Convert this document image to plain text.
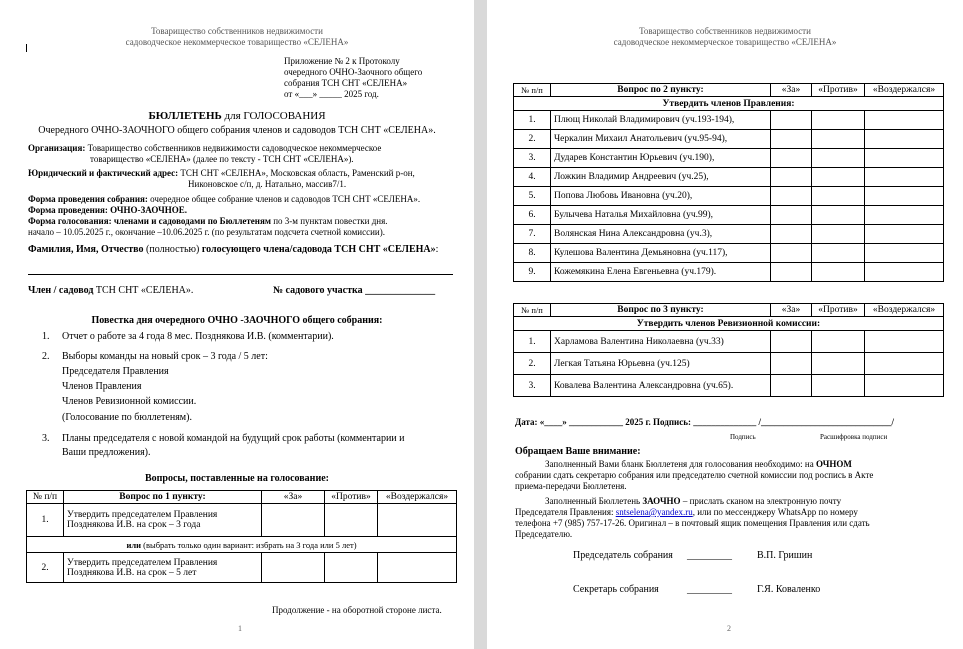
Товарищество собственников недвижимости
садоводческое некоммерческое товарищество «СЕЛЕНА»
Приложение № 2 к Протоколу
очередного ОЧНО-Заочного общего
собрания ТСН СНТ «СЕЛЕНА»
от «___» _____ 2025 год.
БЮЛЛЕТЕНЬ для ГОЛОСОВАНИЯ
Очередного ОЧНО-ЗАОЧНОГО общего собрания членов и садоводов ТСН СНТ «СЕЛЕНА».
Организация: Товарищество собственников недвижимости садоводческое некоммерческое
товарищество «СЕЛЕНА» (далее по тексту - ТСН СНТ «СЕЛЕНА»).
Юридический и фактический адрес: ТСН СНТ «СЕЛЕНА», Московская область, Раменский р-он,
Никоновское с/п, д. Натально, массив7/1.
Форма проведения собрания: очередное общее собрание членов и садоводов ТСН СНТ «СЕЛЕНА».
Форма проведения: ОЧНО-ЗАОЧНОЕ.
Форма голосования: членами и садоводами по Бюллетеням по 3-м пунктам повестки дня.
начало – 10.05.2025 г., окончание –10.06.2025 г. (по результатам подсчета счетной комиссии).
Фамилия, Имя, Отчество (полностью) голосующего члена/садовода ТСН СНТ «СЕЛЕНА»:
Член / садовод ТСН СНТ «СЕЛЕНА».	№ садового участка ______________
Повестка дня очередного ОЧНО -ЗАОЧНОГО общего собрания:
1. Отчет о работе за 4 года 8 мес. Позднякова И.В. (комментарии).
2. Выборы команды на новый срок – 3 года / 5 лет:
Председателя Правления
Членов Правления
Членов Ревизионной комиссии.
(Голосование по бюллетеням).
3. Планы председателя с новой командой на будущий срок работы (комментарии и
Ваши предложения).
Вопросы, поставленные на голосование:
№ п/п	Вопрос по 1 пункту:	«За»	«Против»	«Воздержался»
1.	Утвердить председателем Правления
Позднякова И.В. на срок – 3 года			

или (выбрать только один вариант: избрать на 3 года или 5 лет)				
2.	Утвердить председателем Правления
Позднякова И.В. на срок – 5 лет			

Продолжение - на оборотной стороне листа.
1
Товарищество собственников недвижимости
садоводческое некоммерческое товарищество «СЕЛЕНА»
№ п/п	Вопрос по 2 пункту:	«За»	«Против»	«Воздержался»
Утвердить членов Правления:				
1.	Плющ Николай Владимирович (уч.193-194),			
2.	Черкалин Михаил Анатольевич (уч.95-94),			
3.	Дударев Константин Юрьевич (уч.190),			
4.	Ложкин Владимир Андреевич (уч.25),			
5.	Попова Любовь Ивановна (уч.20),			
6.	Булычева Наталья Михайловна (уч.99),			
7.	Волянская Нина Александровна (уч.3),			
8.	Кулешова Валентина Демьяновна (уч.117),			
9.	Кожемякина Елена Евгеньевна (уч.179).			
№ п/п	Вопрос по 3 пункту:	«За»	«Против»	«Воздержался»
Утвердить членов Ревизионной комиссии:				
1.	Харламова Валентина Николаевна (уч.33)			
2.	Легкая Татьяна Юрьевна (уч.125)			
3.	Ковалева Валентина Александровна (уч.65).			
Дата: «____» ____________ 2025 г. Подпись: ______________ /_____________________________/
Подпись	Расшифровка подписи
Обращаем Ваше внимание:
Заполненный Вами бланк Бюллетеня для голосования необходимо: на ОЧНОМ
собрании сдать секретарю собрания или председателю счетной комиссии под роспись в Акте
приема-передачи Бюллетеня.
Заполненный Бюллетень ЗАОЧНО – прислать сканом на электронную почту
Председателя Правления: sntselena@yandex.ru, или по мессенджеру WhatsApp по номеру
телефона +7 (985) 757-17-26. Оригинал – в почтовый ящик помещения Правления или сдать
Председателю.
Председатель собрания _________	В.П. Гришин
Секретарь собрания	_________	Г.Я. Коваленко
2
